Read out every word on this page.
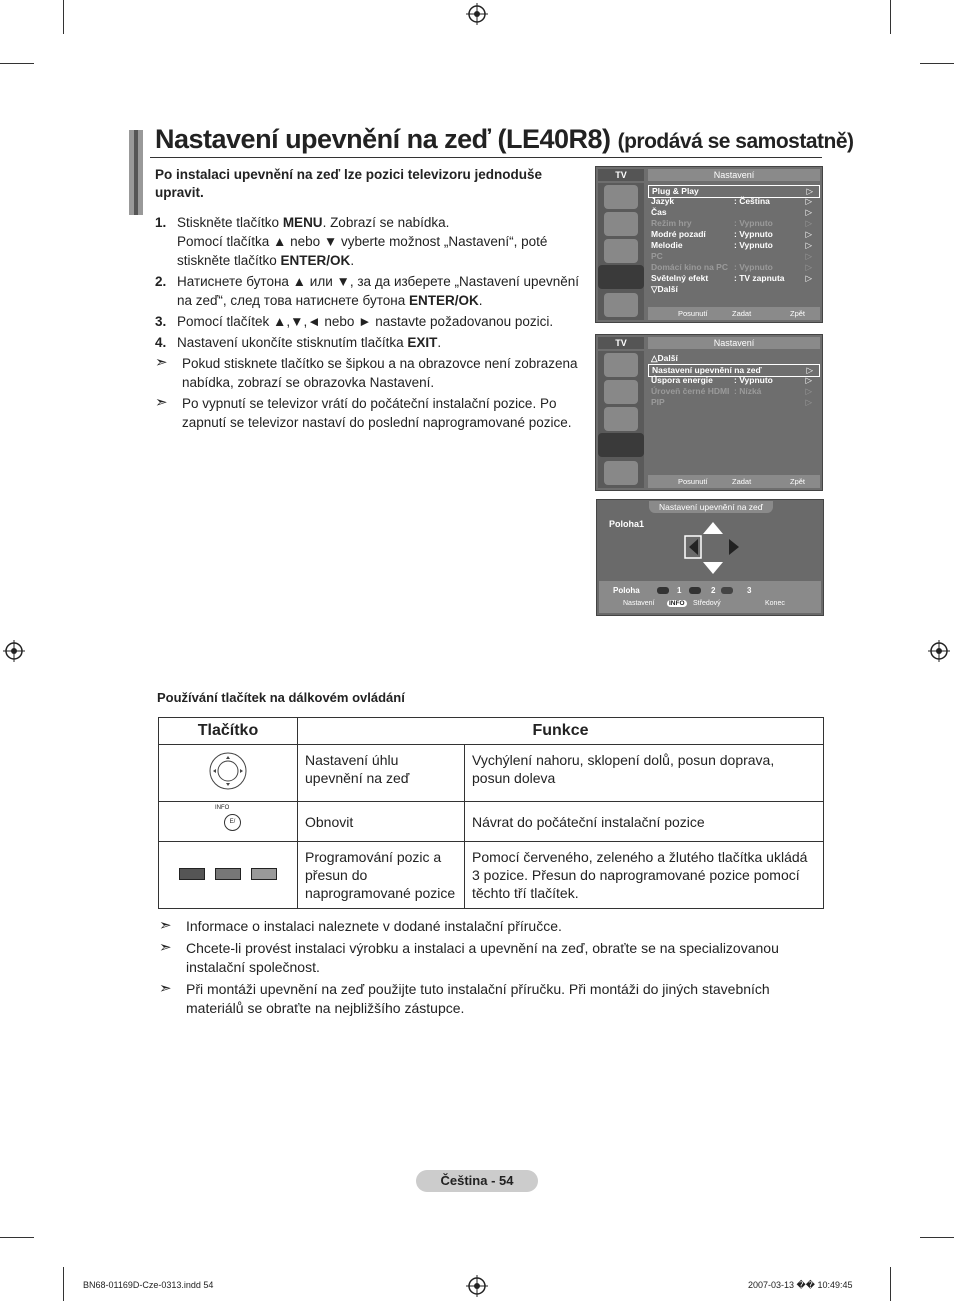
Nastavení upevnění na zeď (LE40R8) (prodává se samostatně)
Po instalaci upevnění na zeď lze pozici televizoru jednoduše upravit.
1. Stiskněte tlačítko MENU. Zobrazí se nabídka.
Pomocí tlačítka ▲ nebo ▼ vyberte možnost „Nastavení“, poté stiskněte tlačítko ENTER/OK.
2. Натиснете бутона ▲ или ▼, за да изберете „Nastavení upevnění na zeď“, след това натиснете бутона ENTER/OK.
3. Pomocí tlačítek ▲,▼,◄ nebo ► nastavte požadovanou pozici.
4. Nastavení ukončíte stisknutím tlačítka EXIT.
➣ Pokud stisknete tlačítko se šipkou a na obrazovce není zobrazena nabídka, zobrazí se obrazovka Nastavení.
➣ Po vypnutí se televizor vrátí do počáteční instalační pozice. Po zapnutí se televizor nastaví do poslední naprogramované pozice.
TV	Nastavení
Plug & Play	▷
Jazyk	: Čeština	▷
Čas	▷
Režim hry	: Vypnuto	▷
Modré pozadí	: Vypnuto	▷
Melodie	: Vypnuto	▷
PC	▷
Domácí kino na PC : Vypnuto	▷
Světelný efekt	: TV zapnuta ▷
▽Další
Posunutí	Zadat	Zpět
TV	Nastavení
△Další
Nastavení upevnění na zeď	▷
Úspora energie : Vypnuto	▷
Úroveň černé HDMI : Nízká	▷
PIP	▷
Posunutí	Zadat	Zpět
Nastavení upevnění na zeď
Poloha1
Poloha	1	2	3
Nastavení	INFO Středový	Konec
Používání tlačítek na dálkovém ovládání
Tlačítko	Funkce	
	Nastavení úhlu upevnění na zeď	Vychýlení nahoru, sklopení dolů, posun doprava, posun doleva

INFO
E/	Obnovit	Návrat do počáteční instalační pozice
	Programování pozic a přesun do naprogramované pozice	Pomocí červeného, zeleného a žlutého tlačítka ukládá 3 pozice. Přesun do naprogramované pozice pomocí těchto tří tlačítek.
➣ Informace o instalaci naleznete v dodané instalační příručce.
➣ Chcete-li provést instalaci výrobku a instalaci a upevnění na zeď, obraťte se na specializovanou instalační společnost.
➣ Při montáži upevnění na zeď použijte tuto instalační příručku. Při montáži do jiných stavebních materiálů se obraťte na nejbližšího zástupce.
Čeština - 54
BN68-01169D-Cze-0313.indd 54	2007-03-13 �� 10:49:45
